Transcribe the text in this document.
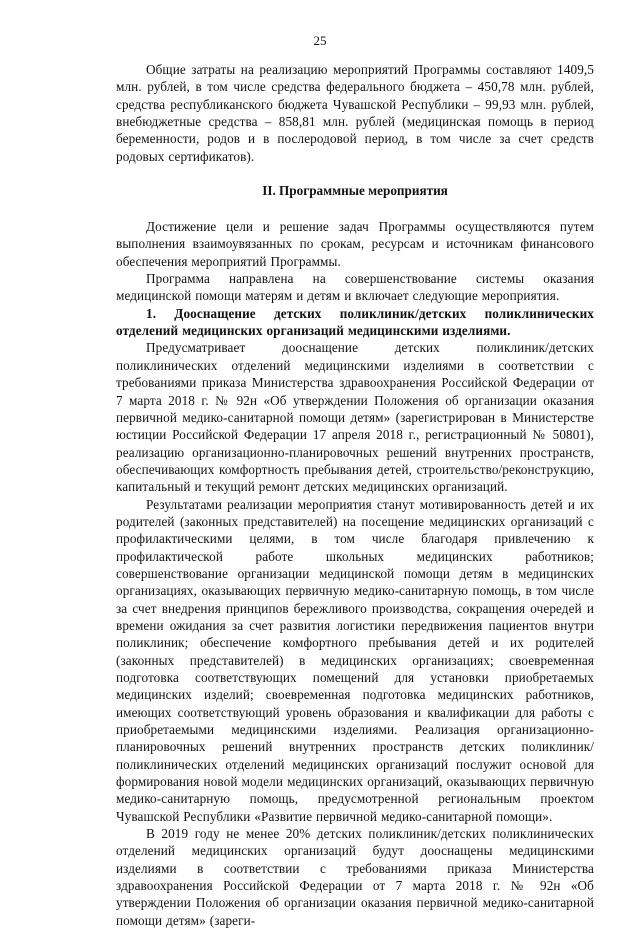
25

Общие затраты на реализацию мероприятий Программы составляют 1409,5 млн. рублей, в том числе средства федерального бюджета – 450,78 млн. рублей, средства республиканского бюджета Чувашской Республики – 99,93 млн. рублей, внебюджетные средства – 858,81 млн. рублей (медицинская помощь в период беременности, родов и в послеродовой период, в том числе за счет средств родовых сертификатов).

II. Программные мероприятия

Достижение цели и решение задач Программы осуществляются путем выполнения взаимоувязанных по срокам, ресурсам и источникам финансового обеспечения мероприятий Программы.

Программа направлена на совершенствование системы оказания медицинской помощи матерям и детям и включает следующие мероприятия.

1. Дооснащение детских поликлиник/детских поликлинических отделений медицинских организаций медицинскими изделиями.

Предусматривает дооснащение детских поликлиник/детских поликлинических отделений медицинскими изделиями в соответствии с требованиями приказа Министерства здравоохранения Российской Федерации от 7 марта 2018 г. № 92н «Об утверждении Положения об организации оказания первичной медико-санитарной помощи детям» (зарегистрирован в Министерстве юстиции Российской Федерации 17 апреля 2018 г., регистрационный № 50801), реализацию организационно-планировочных решений внутренних пространств, обеспечивающих комфортность пребывания детей, строительство/реконструкцию, капитальный и текущий ремонт детских медицинских организаций.

Результатами реализации мероприятия станут мотивированность детей и их родителей (законных представителей) на посещение медицинских организаций с профилактическими целями, в том числе благодаря привлечению к профилактической работе школьных медицинских работников; совершенствование организации медицинской помощи детям в медицинских организациях, оказывающих первичную медико-санитарную помощь, в том числе за счет внедрения принципов бережливого производства, сокращения очередей и времени ожидания за счет развития логистики передвижения пациентов внутри поликлиник; обеспечение комфортного пребывания детей и их родителей (законных представителей) в медицинских организациях; своевременная подготовка соответствующих помещений для установки приобретаемых медицинских изделий; своевременная подготовка медицинских работников, имеющих соответствующий уровень образования и квалификации для работы с приобретаемыми медицинскими изделиями. Реализация организационно-планировочных решений внутренних пространств детских поликлиник/поликлинических отделений медицинских организаций послужит основой для формирования новой модели медицинских организаций, оказывающих первичную медико-санитарную помощь, предусмотренной региональным проектом Чувашской Республики «Развитие первичной медико-санитарной помощи».

В 2019 году не менее 20% детских поликлиник/детских поликлинических отделений медицинских организаций будут дооснащены медицинскими изделиями в соответствии с требованиями приказа Министерства здравоохранения Российской Федерации от 7 марта 2018 г. № 92н «Об утверждении Положения об организации оказания первичной медико-санитарной помощи детям» (зареги-
